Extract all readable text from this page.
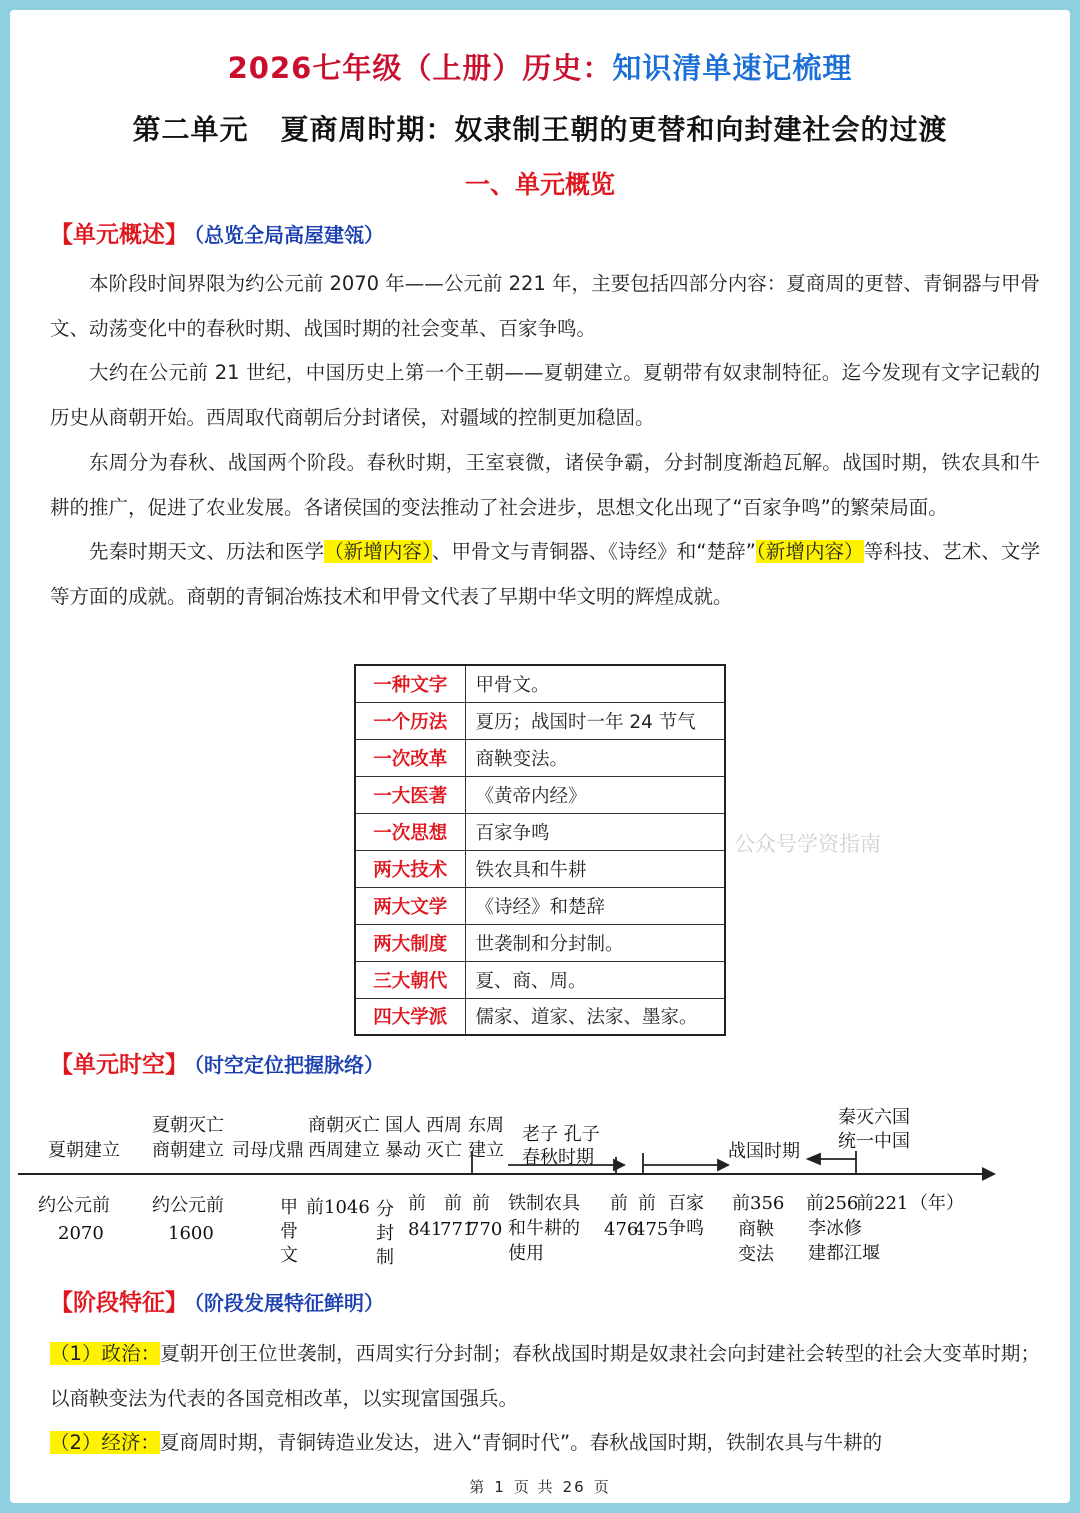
2026七年级（上册）历史：知识清单速记梳理
第二单元 夏商周时期：奴隶制王朝的更替和向封建社会的过渡
一、单元概览
【单元概述】 （总览全局高屋建瓴）

本阶段时间界限为约公元前 2070 年——公元前 221 年，主要包括四部分内容：夏商周的更替、青铜器与甲骨文、动荡变化中的春秋时期、战国时期的社会变革、百家争鸣。

大约在公元前 21 世纪，中国历史上第一个王朝——夏朝建立。夏朝带有奴隶制特征。迄今发现有文字记载的历史从商朝开始。西周取代商朝后分封诸侯，对疆域的控制更加稳固。

东周分为春秋、战国两个阶段。春秋时期，王室衰微，诸侯争霸，分封制度渐趋瓦解。战国时期，铁农具和牛耕的推广，促进了农业发展。各诸侯国的变法推动了社会进步，思想文化出现了“百家争鸣”的繁荣局面。

先秦时期天文、历法和医学（新增内容）、甲骨文与青铜器、《诗经》和“楚辞”（新增内容）等科技、艺术、文学等方面的成就。商朝的青铜冶炼技术和甲骨文代表了早期中华文明的辉煌成就。

一种文字	甲骨文。
一个历法	夏历；战国时一年 24 节气
一次改革	商鞅变法。
一大医著	《黄帝内经》
一次思想	百家争鸣
两大技术	铁农具和牛耕
两大文学	《诗经》和楚辞
两大制度	世袭制和分封制。
三大朝代	夏、商、周。
四大学派	儒家、道家、法家、墨家。
公众号学资指南
【单元时空】 （时空定位把握脉络）
夏朝建立
夏朝灭亡
商朝建立 司母戊鼎
商朝灭亡
西周建立
国人
暴动
西周
灭亡
东周
建立
老子 孔子
春秋时期	战国时期
秦灭六国
统一中国
约公元前
2070
约公元前
1600
甲
骨
文
前1046 分
封
制
前
841
前
771
前
770
铁制农具
和牛耕的
使用
前
476
前
475
百家
争鸣
前356
商鞅
变法
前256
前221 （年）
李冰修
建都江堰
【阶段特征】 （阶段发展特征鲜明）
（1）政治：夏朝开创王位世袭制，西周实行分封制；春秋战国时期是奴隶社会向封建社会转型的社会大变革时期；以商鞅变法为代表的各国竞相改革，以实现富国强兵。
（2）经济：夏商周时期，青铜铸造业发达，进入“青铜时代”。春秋战国时期，铁制农具与牛耕的
第 1 页 共 26 页
